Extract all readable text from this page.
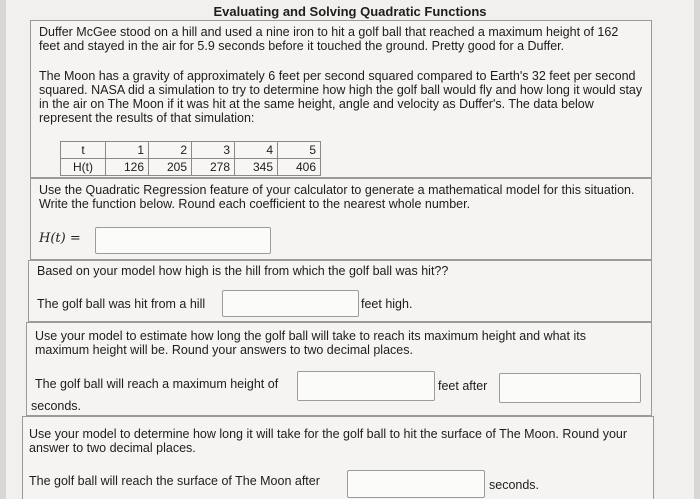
Evaluating and Solving Quadratic Functions
Duffer McGee stood on a hill and used a nine iron to hit a golf ball that reached a maximum height of 162 feet and stayed in the air for 5.9 seconds before it touched the ground. Pretty good for a Duffer.
The Moon has a gravity of approximately 6 feet per second squared compared to Earth's 32 feet per second squared. NASA did a simulation to try to determine how high the golf ball would fly and how long it would stay in the air on The Moon if it was hit at the same height, angle and velocity as Duffer's. The data below represent the results of that simulation:
t	1	2	3	4	5
H(t)	126	205	278	345	406
Use the Quadratic Regression feature of your calculator to generate a mathematical model for this situation. Write the function below. Round each coefficient to the nearest whole number.
H(t) =
Based on your model how high is the hill from which the golf ball was hit??
The golf ball was hit from a hill	feet high.
Use your model to estimate how long the golf ball will take to reach its maximum height and what its maximum height will be. Round your answers to two decimal places.
The golf ball will reach a maximum height of	feet after
seconds.
Use your model to determine how long it will take for the golf ball to hit the surface of The Moon. Round your answer to two decimal places.
The golf ball will reach the surface of The Moon after	seconds.
